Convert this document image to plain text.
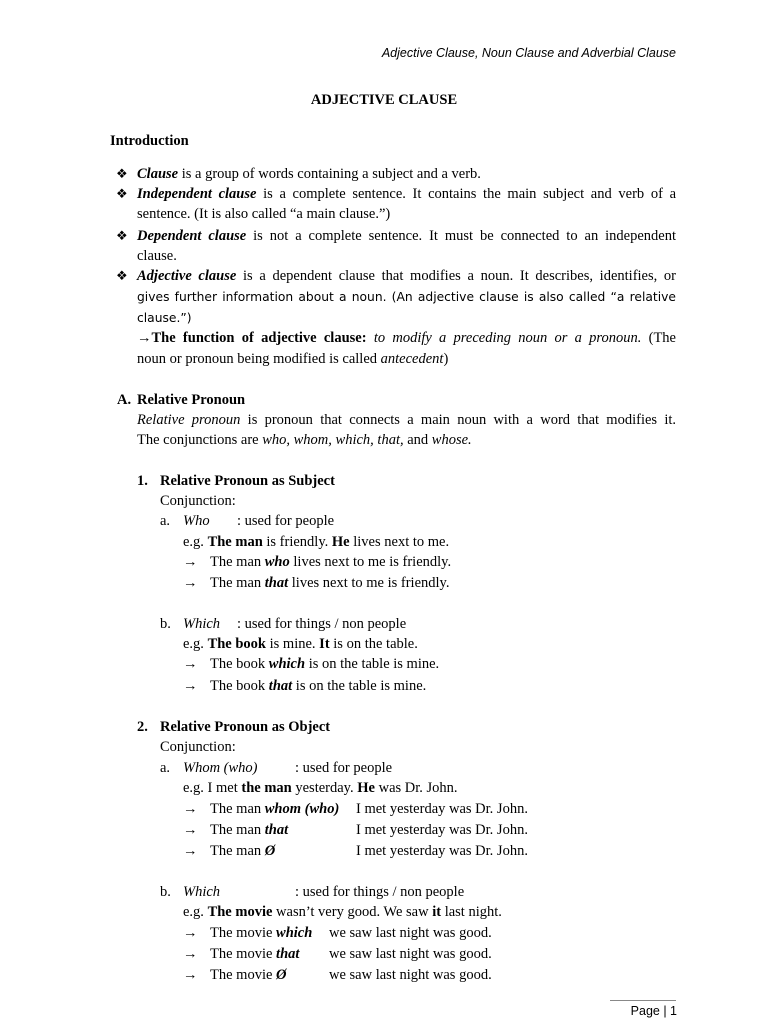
Adjective Clause, Noun Clause and Adverbial Clause
ADJECTIVE CLAUSE
Introduction
❖ Clause is a group of words containing a subject and a verb.
❖ Independent clause is a complete sentence. It contains the main subject and verb of a
sentence. (It is also called “a main clause.”)
❖ Dependent clause is not a complete sentence. It must be connected to an independent
clause.
❖ Adjective clause is a dependent clause that modifies a noun. It describes, identifies, or
gives further information about a noun. (An adjective clause is also called “a relative
clause.”)
→The function of adjective clause: to modify a preceding noun or a pronoun. (The
noun or pronoun being modified is called antecedent)
A. Relative Pronoun
Relative pronoun is pronoun that connects a main noun with a word that modifies it.
The conjunctions are who, whom, which, that, and whose.
1. Relative Pronoun as Subject
Conjunction:
a. Who : used for people
e.g. The man is friendly. He lives next to me.
→ The man who lives next to me is friendly.
→ The man that lives next to me is friendly.
b. Which : used for things / non people
e.g. The book is mine. It is on the table.
→ The book which is on the table is mine.
→ The book that is on the table is mine.
2. Relative Pronoun as Object
Conjunction:
a. Whom (who)	: used for people
e.g. I met the man yesterday. He was Dr. John.
→ The man whom (who) I met yesterday was Dr. John.
→ The man that	I met yesterday was Dr. John.
→ The man Ø	I met yesterday was Dr. John.
b. Which	: used for things / non people
e.g. The movie wasn’t very good. We saw it last night.
→ The movie which we saw last night was good.
→ The movie that we saw last night was good.
→ The movie Ø	we saw last night was good.
Page | 1
